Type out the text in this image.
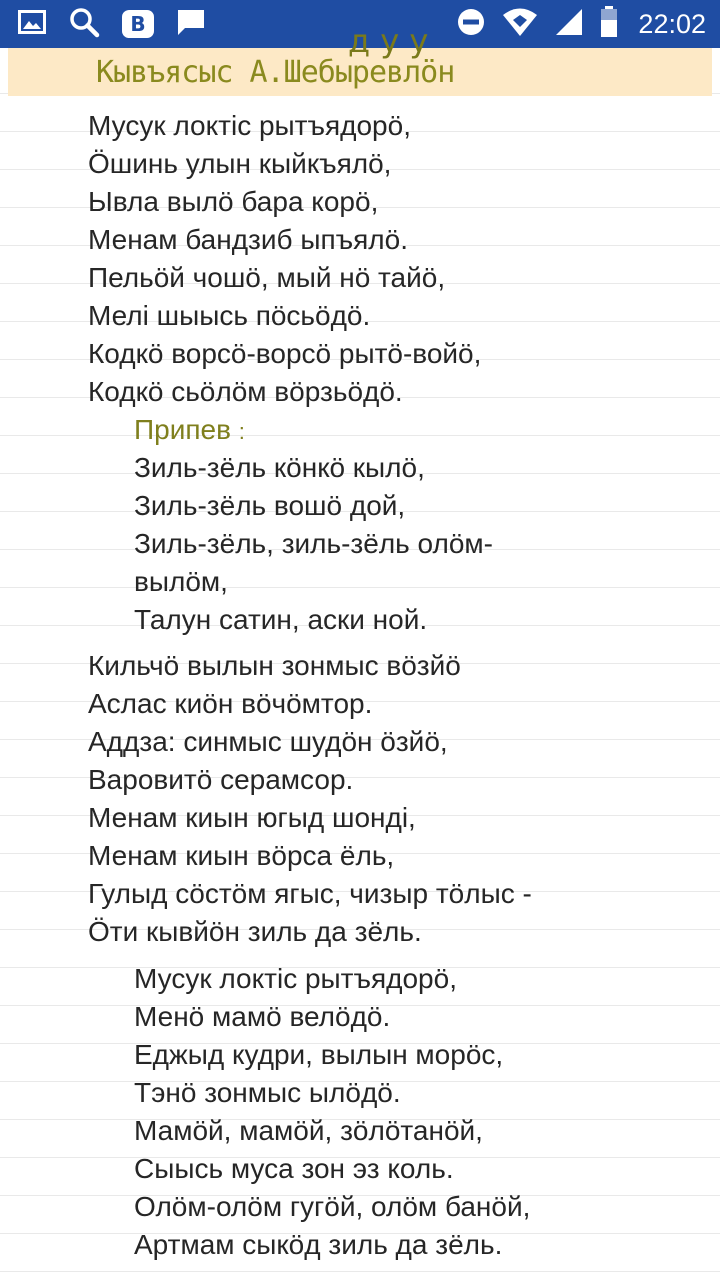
B	22:02
д у у
Кывъясыс А.Шебыревлöн
Мусук локтiс рытъядорö,
Öшинь улын кыйкъялö,
Ывла вылö бара корö,
Менам бандзиб ыпъялö.
Пельöй чошö, мый нö тайö,
Мелi шыысь пöсьöдö.
Кодкö ворсö-ворсö рытö-войö,
Кодкö сьöлöм вöрзьöдö.
Припев :
Зиль-зёль кöнкö кылö,
Зиль-зёль вошö дой,
Зиль-зёль, зиль-зёль олöм-
вылöм,
Талун сатин, аски ной.
Кильчö вылын зонмыс вöзйö
Аслас киöн вöчöмтор.
Аддза: синмыс шудöн öзйö,
Варовитö серамсор.
Менам киын югыд шондi,
Менам киын вöрса ёль,
Гулыд сöстöм ягыс, чизыр тöлыс -
Öти кывйöн зиль да зёль.
Мусук локтiс рытъядорö,
Менö мамö велöдö.
Еджыд кудри, вылын морöс,
Тэнö зонмыс ылöдö.
Мамöй, мамöй, зöлöтанöй,
Сыысь муса зон эз коль.
Олöм-олöм гугöй, олöм банöй,
Артмам сыкöд зиль да зёль.
